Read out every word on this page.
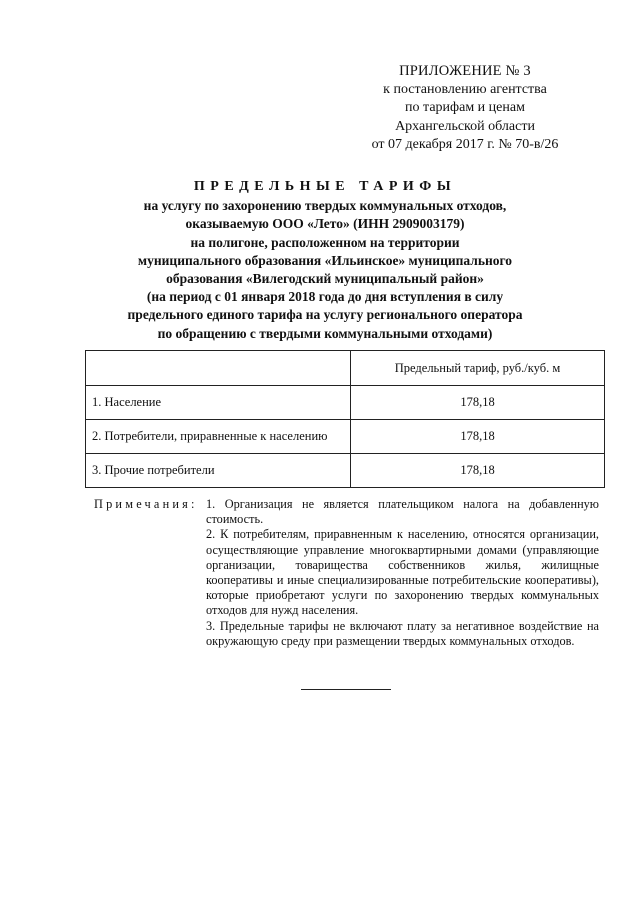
ПРИЛОЖЕНИЕ № 3
к постановлению агентства
по тарифам и ценам
Архангельской области
от 07 декабря 2017 г. № 70-в/26
ПРЕДЕЛЬНЫЕ ТАРИФЫ
на услугу по захоронению твердых коммунальных отходов,
оказываемую ООО «Лето» (ИНН 2909003179)
на полигоне, расположенном на территории
муниципального образования «Ильинское» муниципального
образования «Вилегодский муниципальный район»
(на период с 01 января 2018 года до дня вступления в силу
предельного единого тарифа на услугу регионального оператора
по обращению с твердыми коммунальными отходами)
	Предельный тариф, руб./куб. м
1. Население	178,18
2. Потребители, приравненные к населению	178,18
3. Прочие потребители	178,18
Примечания: 1. Организация не является плательщиком налога на добавленную стоимость.

2. К потребителям, приравненным к населению, относятся организации, осуществляющие управление многоквартирными домами (управляющие организации, товарищества собственников жилья, жилищные кооперативы и иные специализированные потребительские кооперативы), которые приобретают услуги по захоронению твердых коммунальных отходов для нужд населения.

3. Предельные тарифы не включают плату за негативное воздействие на окружающую среду при размещении твердых коммунальных отходов.
